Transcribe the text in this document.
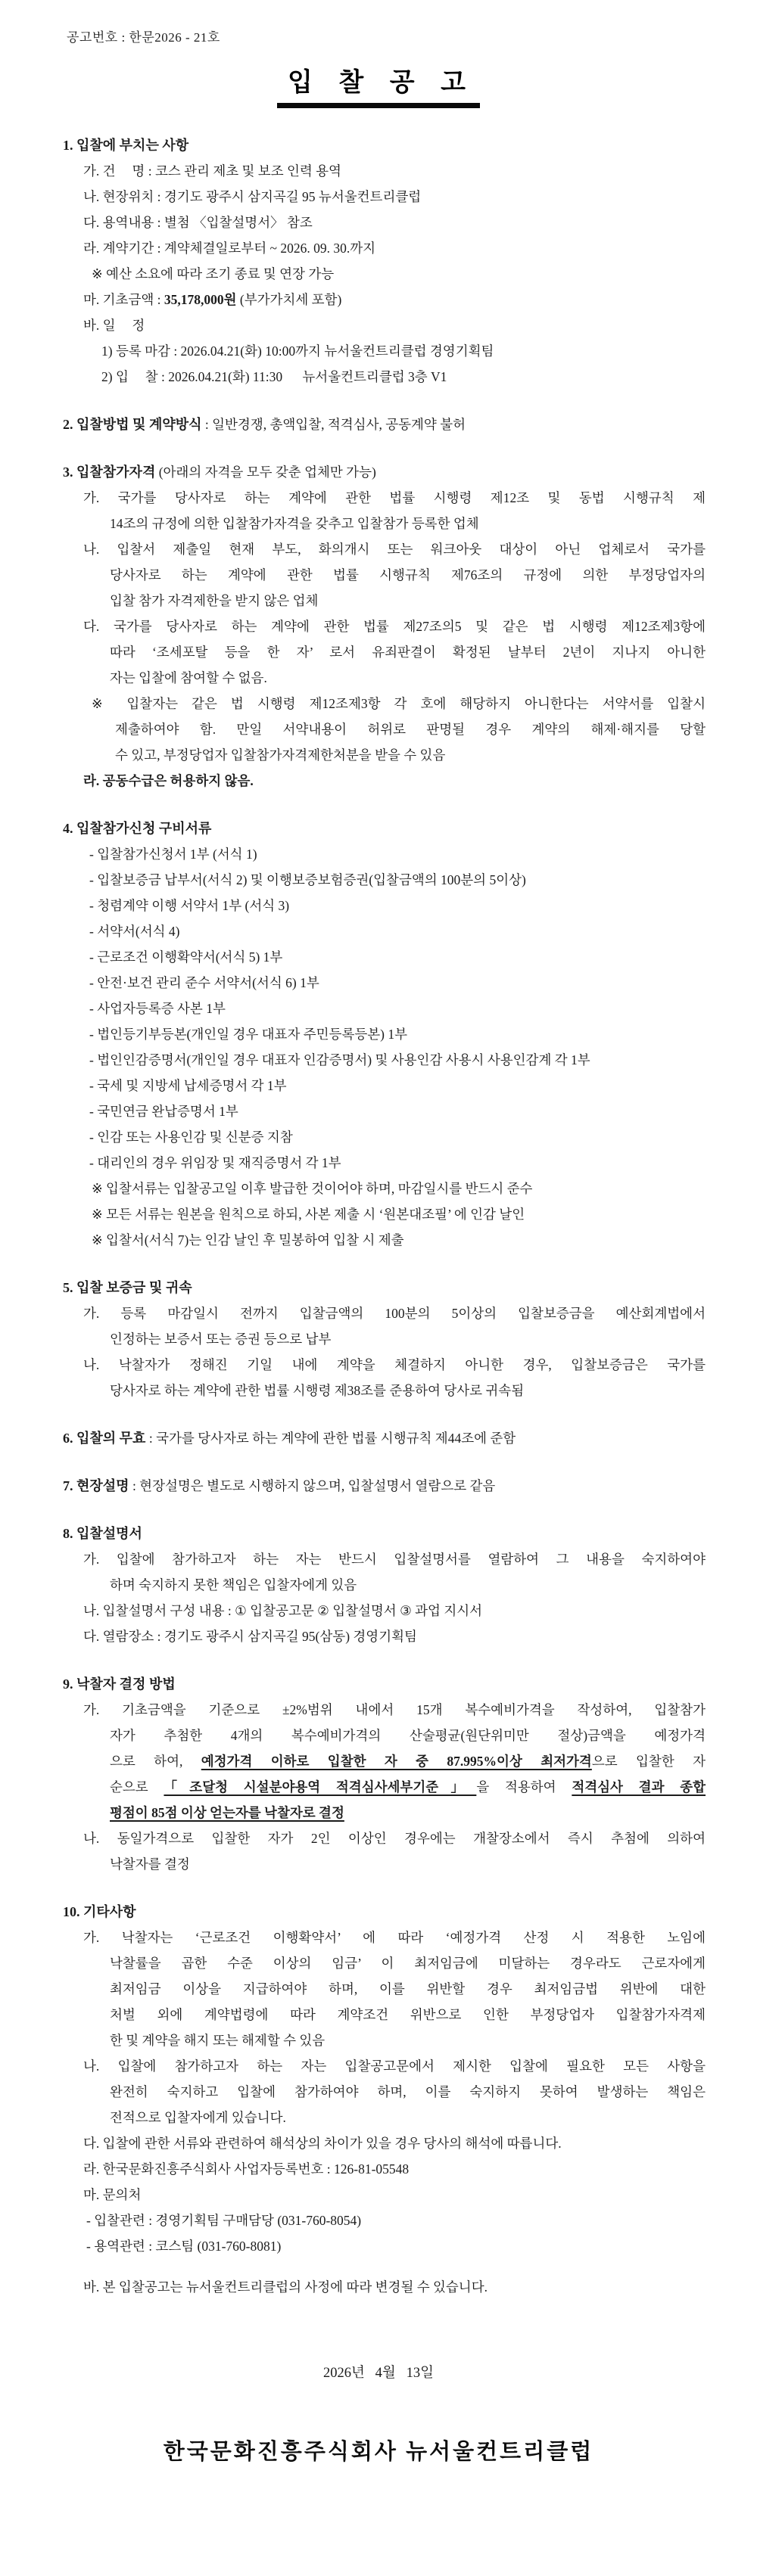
공고번호 : 한문2026 - 21호

입 찰 공 고

1. 입찰에 부치는 사항

가. 건     명 : 코스 관리 제초 및 보조 인력 용역

나. 현장위치 : 경기도 광주시 삼지곡길 95 뉴서울컨트리클럽

다. 용역내용 : 별첨 〈입찰설명서〉 참조

라. 계약기간 : 계약체결일로부터 ~ 2026. 09. 30.까지

※ 예산 소요에 따라 조기 종료 및 연장 가능

마. 기초금액 : 35,178,000원 (부가가치세 포함)

바. 일     정

1) 등록 마감 : 2026.04.21(화) 10:00까지 뉴서울컨트리클럽 경영기획팀

2) 입     찰 : 2026.04.21(화) 11:30      뉴서울컨트리클럽 3층 V1

2. 입찰방법 및 계약방식 : 일반경쟁, 총액입찰, 적격심사, 공동계약 불허

3. 입찰참가자격 (아래의 자격을 모두 갖춘 업체만 가능)

가. 국가를 당사자로 하는 계약에 관한 법률 시행령 제12조 및 동법 시행규칙 제

14조의 규정에 의한 입찰참가자격을 갖추고 입찰참가 등록한 업체

나. 입찰서 제출일 현재 부도, 화의개시 또는 워크아웃 대상이 아닌 업체로서 국가를

당사자로 하는 계약에 관한 법률 시행규칙 제76조의 규정에 의한 부정당업자의

입찰 참가 자격제한을 받지 않은 업체

다. 국가를 당사자로 하는 계약에 관한 법률 제27조의5 및 같은 법 시행령 제12조제3항에

따라 ‘조세포탈 등을 한 자’ 로서 유죄판결이 확정된 날부터 2년이 지나지 아니한

자는 입찰에 참여할 수 없음.

※ 입찰자는 같은 법 시행령 제12조제3항 각 호에 해당하지 아니한다는 서약서를 입찰시

제출하여야 함. 만일 서약내용이 허위로 판명될 경우 계약의 해제·해지를 당할

수 있고, 부정당업자 입찰참가자격제한처분을 받을 수 있음

라. 공동수급은 허용하지 않음.

4. 입찰참가신청 구비서류

- 입찰참가신청서 1부 (서식 1)

- 입찰보증금 납부서(서식 2) 및 이행보증보험증권(입찰금액의 100분의 5이상)

- 청렴계약 이행 서약서 1부 (서식 3)

- 서약서(서식 4)

- 근로조건 이행확약서(서식 5) 1부

- 안전·보건 관리 준수 서약서(서식 6) 1부

- 사업자등록증 사본 1부

- 법인등기부등본(개인일 경우 대표자 주민등록등본) 1부

- 법인인감증명서(개인일 경우 대표자 인감증명서) 및 사용인감 사용시 사용인감계 각 1부

- 국세 및 지방세 납세증명서 각 1부

- 국민연금 완납증명서 1부

- 인감 또는 사용인감 및 신분증 지참

- 대리인의 경우 위임장 및 재직증명서 각 1부

※ 입찰서류는 입찰공고일 이후 발급한 것이어야 하며, 마감일시를 반드시 준수

※ 모든 서류는 원본을 원칙으로 하되, 사본 제출 시 ‘원본대조필’ 에 인감 날인

※ 입찰서(서식 7)는 인감 날인 후 밀봉하여 입찰 시 제출

5. 입찰 보증금 및 귀속

가. 등록 마감일시 전까지 입찰금액의 100분의 5이상의 입찰보증금을 예산회계법에서

인정하는 보증서 또는 증권 등으로 납부

나. 낙찰자가 정해진 기일 내에 계약을 체결하지 아니한 경우, 입찰보증금은 국가를

당사자로 하는 계약에 관한 법률 시행령 제38조를 준용하여 당사로 귀속됨

6. 입찰의 무효 : 국가를 당사자로 하는 계약에 관한 법률 시행규칙 제44조에 준함

7. 현장설명 : 현장설명은 별도로 시행하지 않으며, 입찰설명서 열람으로 같음

8. 입찰설명서

가. 입찰에 참가하고자 하는 자는 반드시 입찰설명서를 열람하여 그 내용을 숙지하여야

하며 숙지하지 못한 책임은 입찰자에게 있음

나. 입찰설명서 구성 내용 : ① 입찰공고문 ② 입찰설명서 ③ 과업 지시서

다. 열람장소 : 경기도 광주시 삼지곡길 95(삼동) 경영기획팀

9. 낙찰자 결정 방법

가. 기초금액을 기준으로 ±2%범위 내에서 15개 복수예비가격을 작성하여, 입찰참가

자가 추첨한 4개의 복수예비가격의 산술평균(원단위미만 절상)금액을 예정가격

으로 하여, 예정가격 이하로 입찰한 자 중 87.995%이상 최저가격으로 입찰한 자

순으로 「조달청 시설분야용역 적격심사세부기준」을 적용하여 적격심사 결과 종합

평점이 85점 이상 얻는자를 낙찰자로 결정

나. 동일가격으로 입찰한 자가 2인 이상인 경우에는 개찰장소에서 즉시 추첨에 의하여

낙찰자를 결정

10. 기타사항

가. 낙찰자는 ‘근로조건 이행확약서’ 에 따라 ‘예정가격 산정 시 적용한 노임에

낙찰률을 곱한 수준 이상의 임금’ 이 최저임금에 미달하는 경우라도 근로자에게

최저임금 이상을 지급하여야 하며, 이를 위반할 경우 최저임금법 위반에 대한

처벌 외에 계약법령에 따라 계약조건 위반으로 인한 부정당업자 입찰참가자격제

한 및 계약을 해지 또는 해제할 수 있음

나. 입찰에 참가하고자 하는 자는 입찰공고문에서 제시한 입찰에 필요한 모든 사항을

완전히 숙지하고 입찰에 참가하여야 하며, 이를 숙지하지 못하여 발생하는 책임은

전적으로 입찰자에게 있습니다.

다. 입찰에 관한 서류와 관련하여 해석상의 차이가 있을 경우 당사의 해석에 따릅니다.

라. 한국문화진흥주식회사 사업자등록번호 : 126-81-05548

마. 문의처

- 입찰관련 : 경영기획팀 구매담당 (031-760-8054)

- 용역관련 : 코스팀 (031-760-8081)

바. 본 입찰공고는 뉴서울컨트리클럽의 사정에 따라 변경될 수 있습니다.

2026년   4월   13일

한국문화진흥주식회사 뉴서울컨트리클럽
